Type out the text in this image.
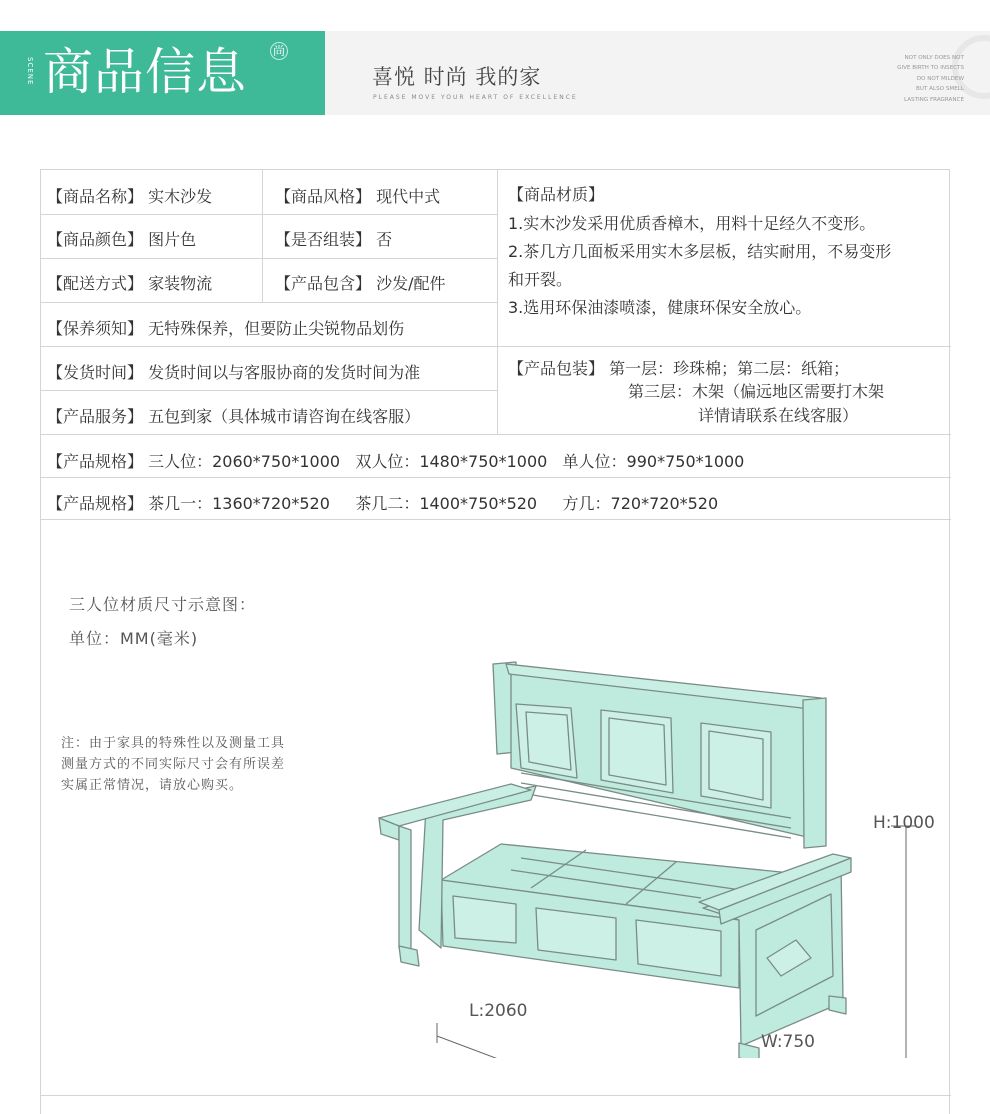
SCENE 商品信息 尚
喜悦 时尚 我的家
PLEASE MOVE YOUR HEART OF EXCELLENCE
NOT ONLY DOES NOT
GIVE BIRTH TO INSECTS
DO NOT MILDEW
BUT ALSO SMELL
LASTING FRAGRANCE
【商品名称】 实木沙发	【商品风格】 现代中式
【商品颜色】 图片色	【是否组装】 否
【配送方式】 家装物流	【产品包含】 沙发/配件
【保养须知】 无特殊保养，但要防止尖锐物品划伤
【发货时间】 发货时间以与客服协商的发货时间为准
【产品服务】 五包到家（具体城市请咨询在线客服）
【商品材质】
1.实木沙发采用优质香樟木，用料十足经久不变形。
2.茶几方几面板采用实木多层板，结实耐用，不易变形
和开裂。
3.选用环保油漆喷漆，健康环保安全放心。
【产品包装】 第一层：珍珠棉；第二层：纸箱；
第三层：木架（偏远地区需要打木架
详情请联系在线客服）
【产品规格】 三人位：2060*750*1000   双人位：1480*750*1000   单人位：990*750*1000
【产品规格】 茶几一：1360*720*520     茶几二：1400*750*520     方几：720*720*520
三人位材质尺寸示意图：
单位：MM(毫米)
注：由于家具的特殊性以及测量工具
测量方式的不同实际尺寸会有所误差
实属正常情况，请放心购买。
H:1000
L:2060
W:750
